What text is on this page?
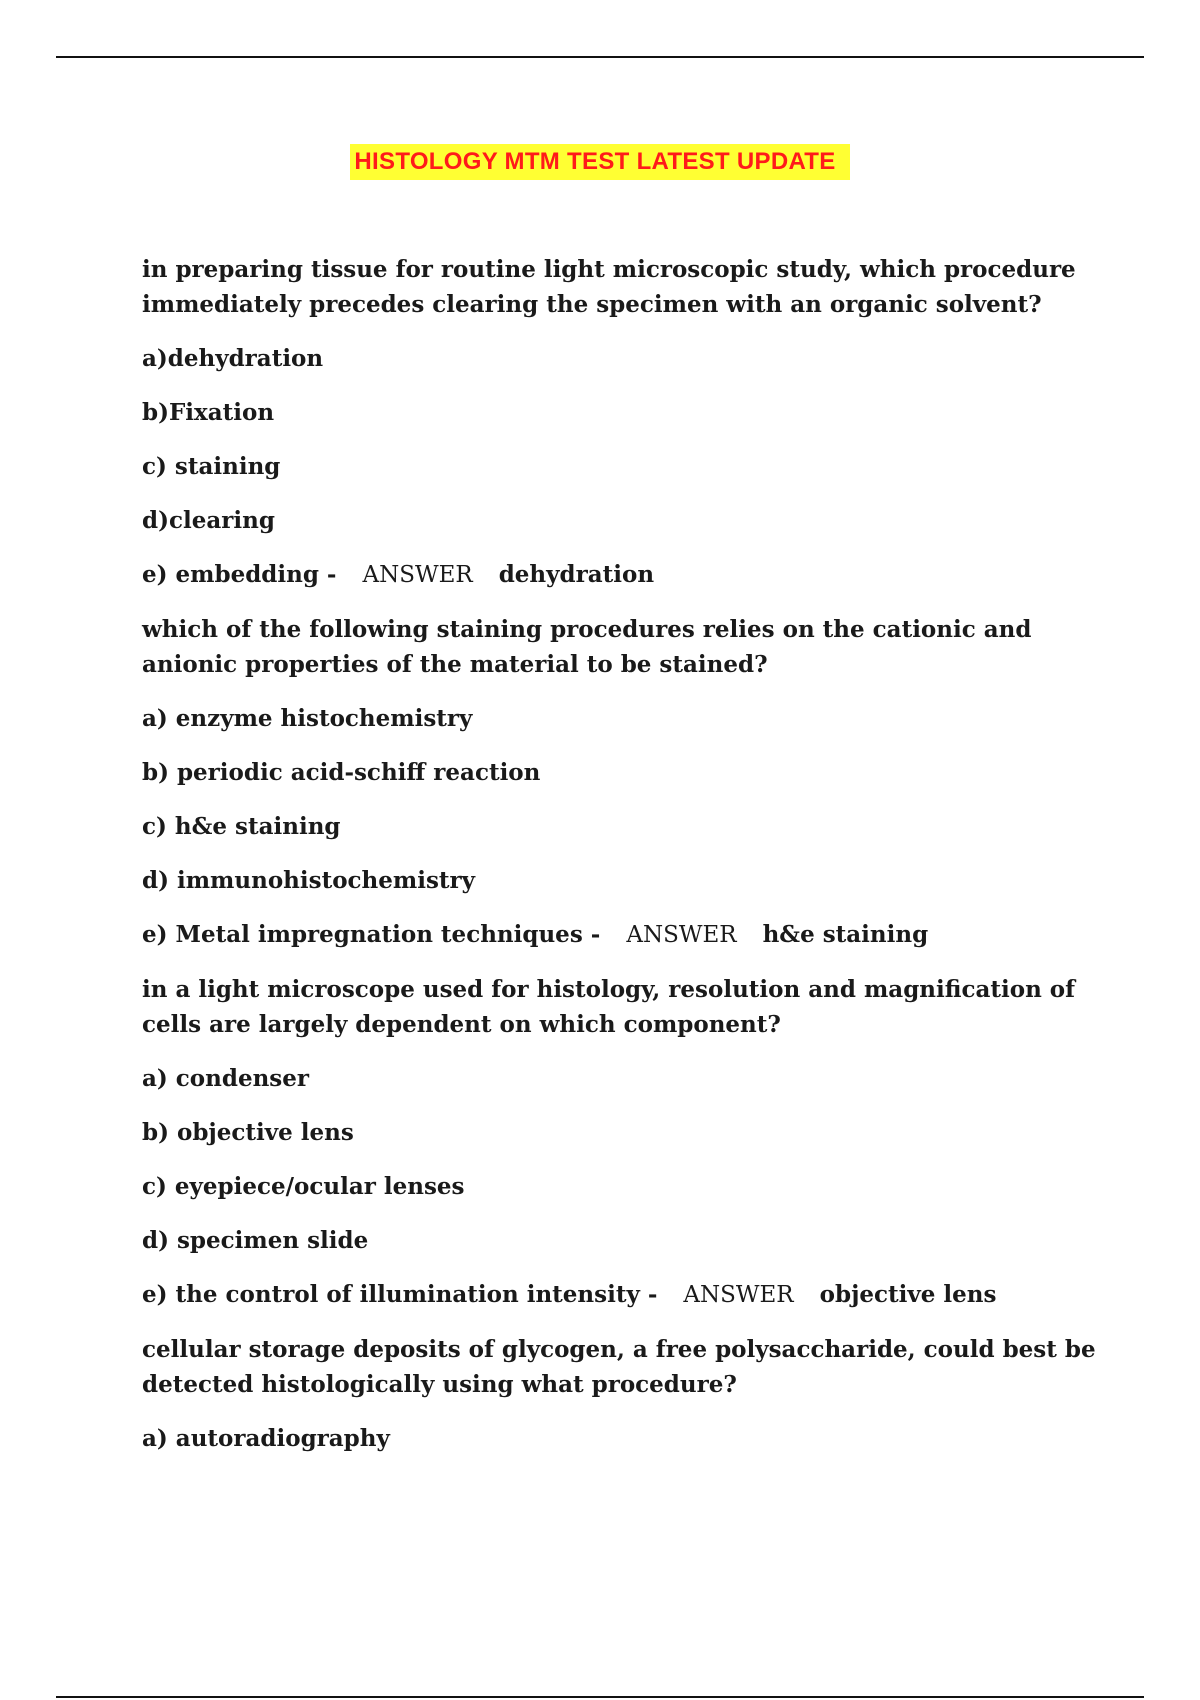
HISTOLOGY MTM TEST LATEST UPDATE
in preparing tissue for routine light microscopic study, which procedure immediately precedes clearing the specimen with an organic solvent?
a)dehydration
b)Fixation
c) staining
d)clearing
e) embedding - ANSWER dehydration
which of the following staining procedures relies on the cationic and anionic properties of the material to be stained?
a) enzyme histochemistry
b) periodic acid-schiff reaction
c) h&e staining
d) immunohistochemistry
e) Metal impregnation techniques - ANSWER h&e staining
in a light microscope used for histology, resolution and magnification of cells are largely dependent on which component?
a) condenser
b) objective lens
c) eyepiece/ocular lenses
d) specimen slide
e) the control of illumination intensity - ANSWER objective lens
cellular storage deposits of glycogen, a free polysaccharide, could best be detected histologically using what procedure?
a) autoradiography
